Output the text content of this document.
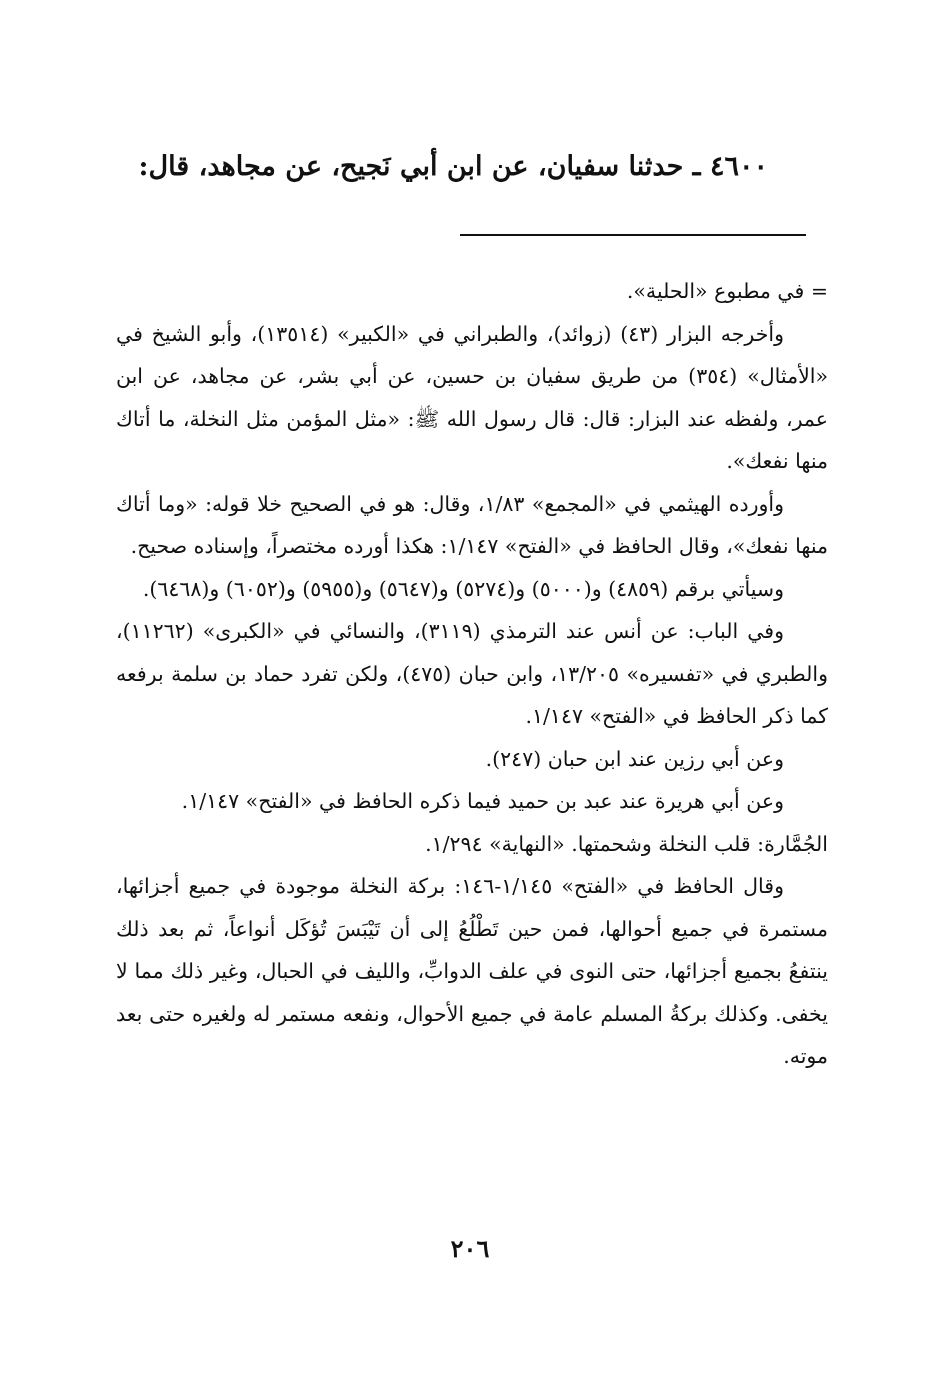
٤٦٠٠ ـ حدثنا سفيان، عن ابن أبي نَجيح، عن مجاهد، قال:

= في مطبوع «الحلية».

وأخرجه البزار (٤٣) (زوائد)، والطبراني في «الكبير» (١٣٥١٤)، وأبو الشيخ في «الأمثال» (٣٥٤) من طريق سفيان بن حسين، عن أبي بشر، عن مجاهد، عن ابن عمر، ولفظه عند البزار: قال: قال رسول الله ﷺ: «مثل المؤمن مثل النخلة، ما أتاك منها نفعك».

وأورده الهيثمي في «المجمع» ١/٨٣، وقال: هو في الصحيح خلا قوله: «وما أتاك منها نفعك»، وقال الحافظ في «الفتح» ١/١٤٧: هكذا أورده مختصراً، وإسناده صحيح.

وسيأتي برقم (٤٨٥٩) و(٥٠٠٠) و(٥٢٧٤) و(٥٦٤٧) و(٥٩٥٥) و(٦٠٥٢) و(٦٤٦٨).

وفي الباب: عن أنس عند الترمذي (٣١١٩)، والنسائي في «الكبرى» (١١٢٦٢)، والطبري في «تفسيره» ١٣/٢٠٥، وابن حبان (٤٧٥)، ولكن تفرد حماد بن سلمة برفعه كما ذكر الحافظ في «الفتح» ١/١٤٧.

وعن أبي رزين عند ابن حبان (٢٤٧).

وعن أبي هريرة عند عبد بن حميد فيما ذكره الحافظ في «الفتح» ١/١٤٧.

الجُمَّارة: قلب النخلة وشحمتها. «النهاية» ١/٢٩٤.

وقال الحافظ في «الفتح» ١/١٤٥-١٤٦: بركة النخلة موجودة في جميع أجزائها، مستمرة في جميع أحوالها، فمن حين تَطْلُعُ إلى أن تَيْبَسَ تُؤكَل أنواعاً، ثم بعد ذلك ينتفعُ بجميع أجزائها، حتى النوى في علف الدوابِّ، والليف في الحبال، وغير ذلك مما لا يخفى. وكذلك بركةُ المسلم عامة في جميع الأحوال، ونفعه مستمر له ولغيره حتى بعد موته.

٢٠٦
